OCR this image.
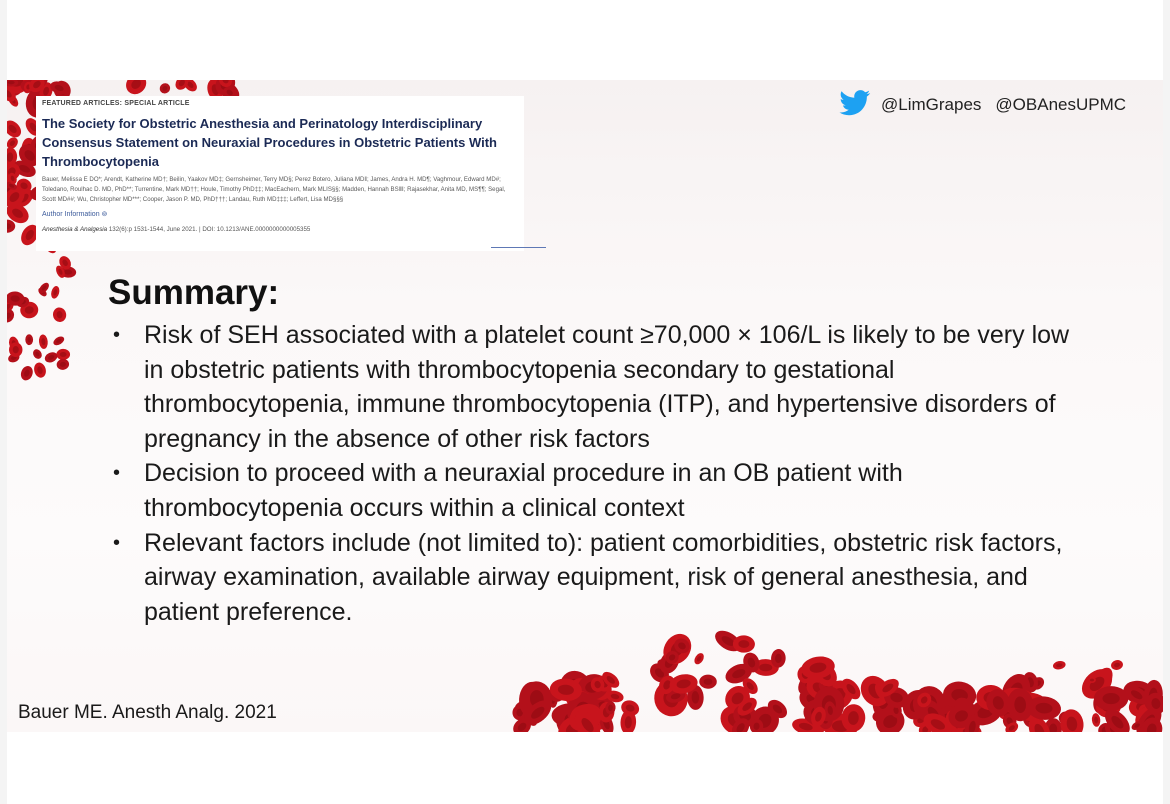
FEATURED ARTICLES: SPECIAL ARTICLE
The Society for Obstetric Anesthesia and Perinatology Interdisciplinary Consensus Statement on Neuraxial Procedures in Obstetric Patients With Thrombocytopenia
Bauer, Melissa E DO*; Arendt, Katherine MD†; Beilin, Yaakov MD‡; Gernsheimer, Terry MD§; Perez Botero, Juliana MD‖; James, Andra H. MD¶; Vaghmour, Edward MD#; Toledano, Roulhac D. MD, PhD**; Turrentine, Mark MD††; Houle, Timothy PhD‡‡; MacEachern, Mark MLIS§§; Madden, Hannah BS‖‖; Rajasekhar, Anita MD, MS¶¶; Segal, Scott MD##; Wu, Christopher MD***; Cooper, Jason P. MD, PhD†††; Landau, Ruth MD‡‡‡; Leffert, Lisa MD§§§
Author Information ⊚
Anesthesia & Analgesia 132(6):p 1531-1544, June 2021. | DOI: 10.1213/ANE.0000000000005355
@LimGrapes @OBAnesUPMC
Summary:
• Risk of SEH associated with a platelet count ≥70,000 × 106/L is likely to be very low in obstetric patients with thrombocytopenia secondary to gestational thrombocytopenia, immune thrombocytopenia (ITP), and hypertensive disorders of pregnancy in the absence of other risk factors
• Decision to proceed with a neuraxial procedure in an OB patient with thrombocytopenia occurs within a clinical context
• Relevant factors include (not limited to): patient comorbidities, obstetric risk factors, airway examination, available airway equipment, risk of general anesthesia, and patient preference.
Bauer ME. Anesth Analg. 2021
